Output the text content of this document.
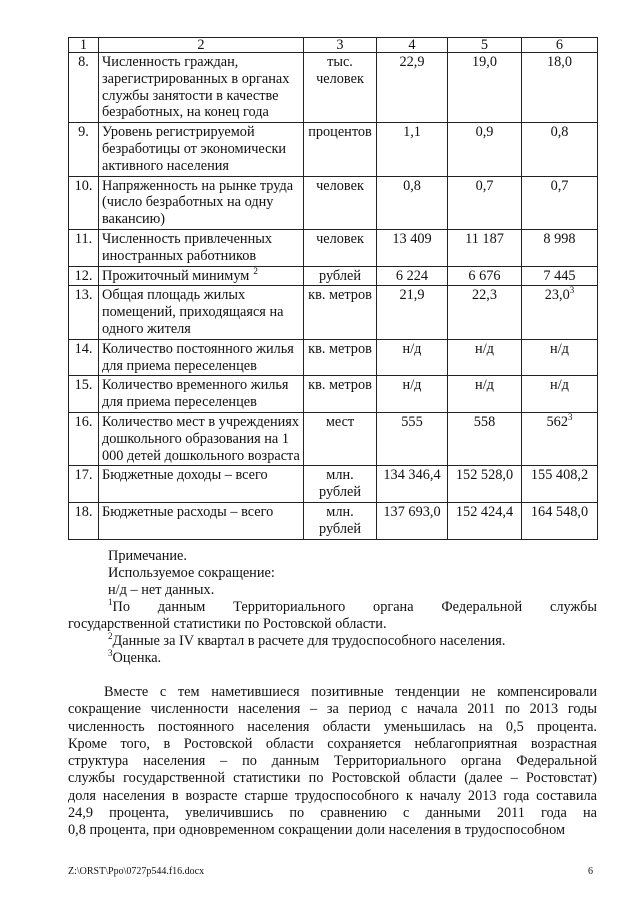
1	2	3	4	5	6
8.	Численность граждан, зарегистрированных в органах службы занятости в качестве безработных, на конец года	тыс. человек	22,9	19,0	18,0
9.	Уровень регистрируемой безработицы от экономически активного населения	процентов	1,1	0,9	0,8
10.	Напряженность на рынке труда (число безработных на одну вакансию)	человек	0,8	0,7	0,7
11.	Численность привлеченных иностранных работников	человек	13 409	11 187	8 998
12.	Прожиточный минимум $^2$	рублей	6 224	6 676	7 445
13.	Общая площадь жилых помещений, приходящаяся на одного жителя	кв. метров	21,9	22,3	23,0$^3$
14.	Количество постоянного жилья для приема переселенцев	кв. метров	н/д	н/д	н/д
15.	Количество временного жилья для приема переселенцев	кв. метров	н/д	н/д	н/д
16.	Количество мест в учреждениях дошкольного образования на 1 000 детей дошкольного возраста	мест	555	558	$562^3$
17.	Бюджетные доходы – всего	млн. рублей	134 346,4	152 528,0	155 408,2
18.	Бюджетные расходы – всего	млн. рублей	137 693,0	152 424,4	164 548,0
Примечание.
Используемое сокращение:
н/д – нет данных.
$^1$По данным Территориального органа Федеральной службы
государственной статистики по Ростовской области.
$^2$Данные за IV квартал в расчете для трудоспособного населения.
$^3$Оценка.
Вместе с тем наметившиеся позитивные тенденции не компенсировали
сокращение численности населения – за период с начала 2011 по 2013 годы
численность постоянного населения области уменьшилась на 0,5 процента.
Кроме того, в Ростовской области сохраняется неблагоприятная возрастная
структура населения – по данным Территориального органа Федеральной
службы государственной статистики по Ростовской области (далее – Ростовстат)
доля населения в возрасте старше трудоспособного к началу 2013 года составила
24,9 процента, увеличившись по сравнению с данными 2011 года на
0,8 процента, при одновременном сокращении доли населения в трудоспособном
Z:\ORST\Ppo\0727p544.f16.docx	6
